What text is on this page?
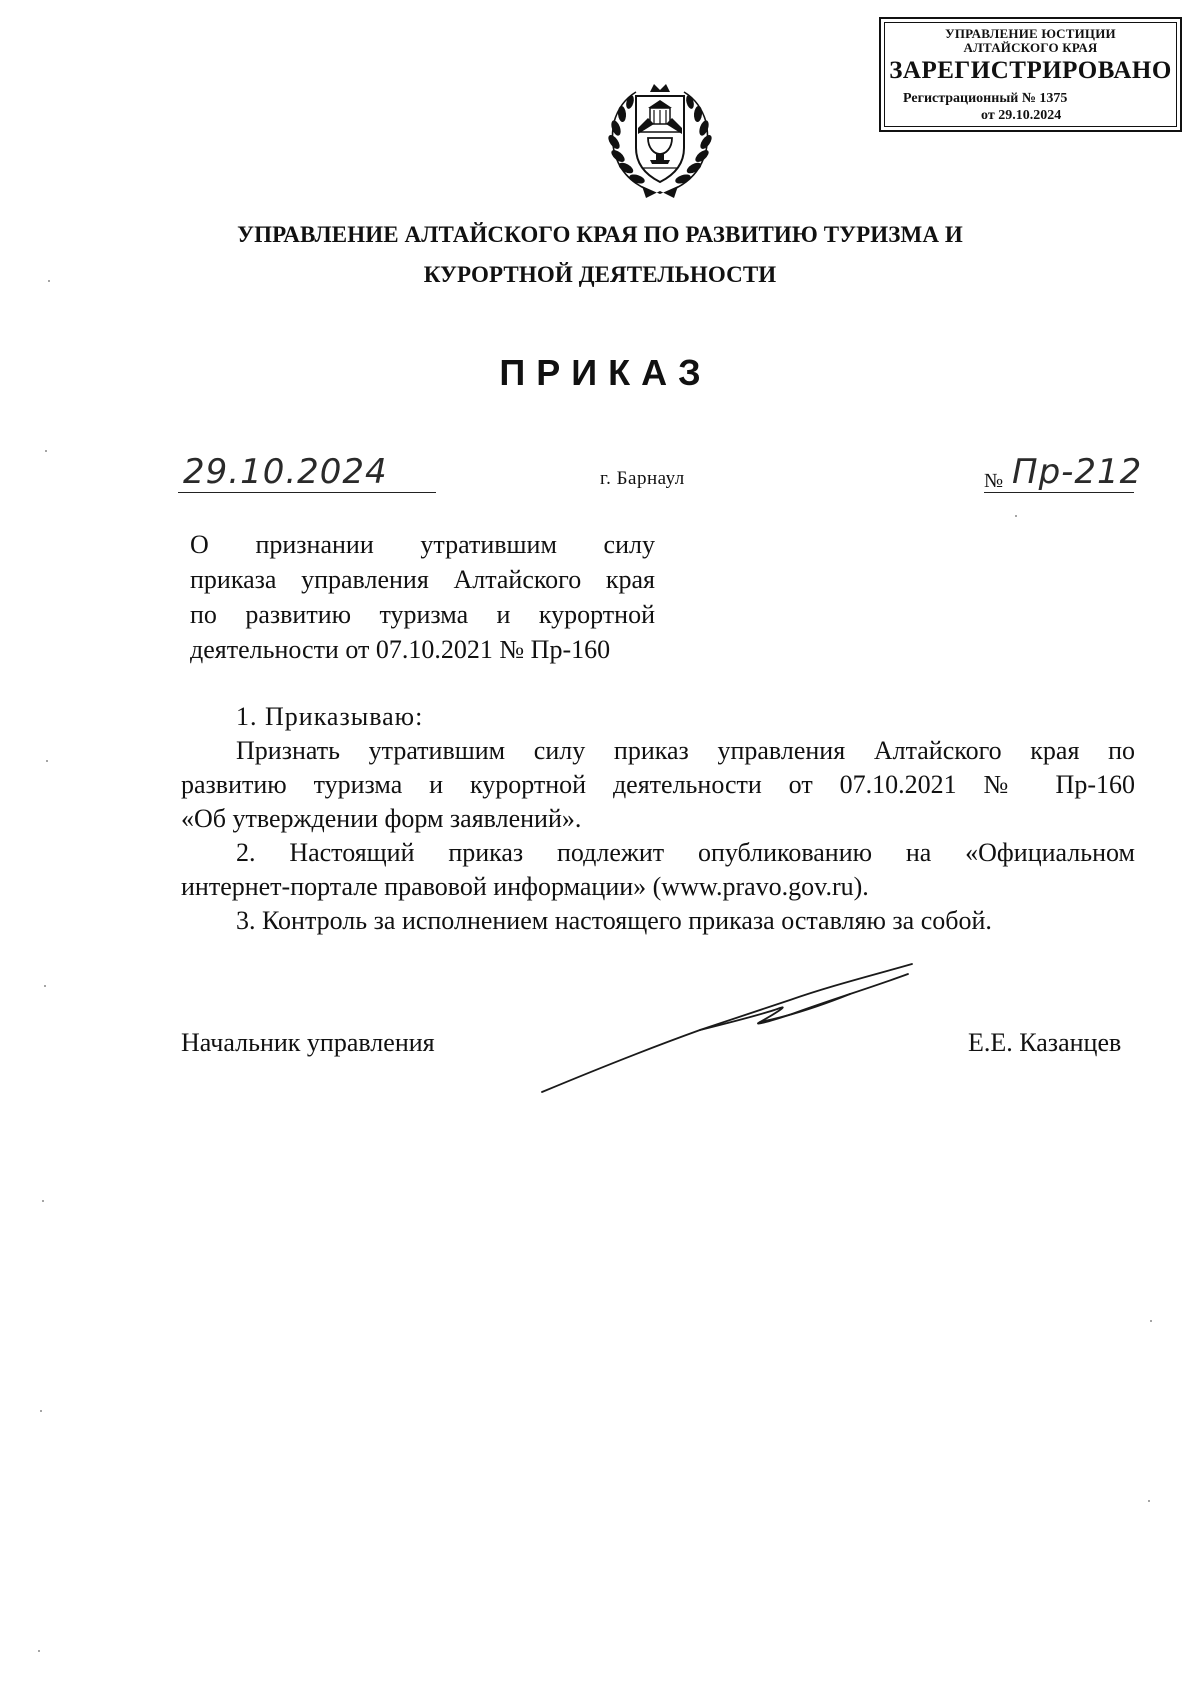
УПРАВЛЕНИЕ ЮСТИЦИИ
АЛТАЙСКОГО КРАЯ
ЗАРЕГИСТРИРОВАНО
Регистрационный № 1375
от 29.10.2024
УПРАВЛЕНИЕ АЛТАЙСКОГО КРАЯ ПО РАЗВИТИЮ ТУРИЗМА И
КУРОРТНОЙ ДЕЯТЕЛЬНОСТИ
ПРИКАЗ
29.10.2024	г. Барнаул	№ Пр-212
О признании утратившим силу
приказа управления Алтайского края
по развитию туризма и курортной
деятельности от 07.10.2021 № Пр-160
1. Приказываю:
Признать утратившим силу приказ управления Алтайского края по
развитию туризма и курортной деятельности от 07.10.2021 № Пр-160
«Об утверждении форм заявлений».
2. Настоящий приказ подлежит опубликованию на «Официальном
интернет-портале правовой информации» (www.pravo.gov.ru).
3. Контроль за исполнением настоящего приказа оставляю за собой.
Начальник управления	Е.Е. Казанцев
